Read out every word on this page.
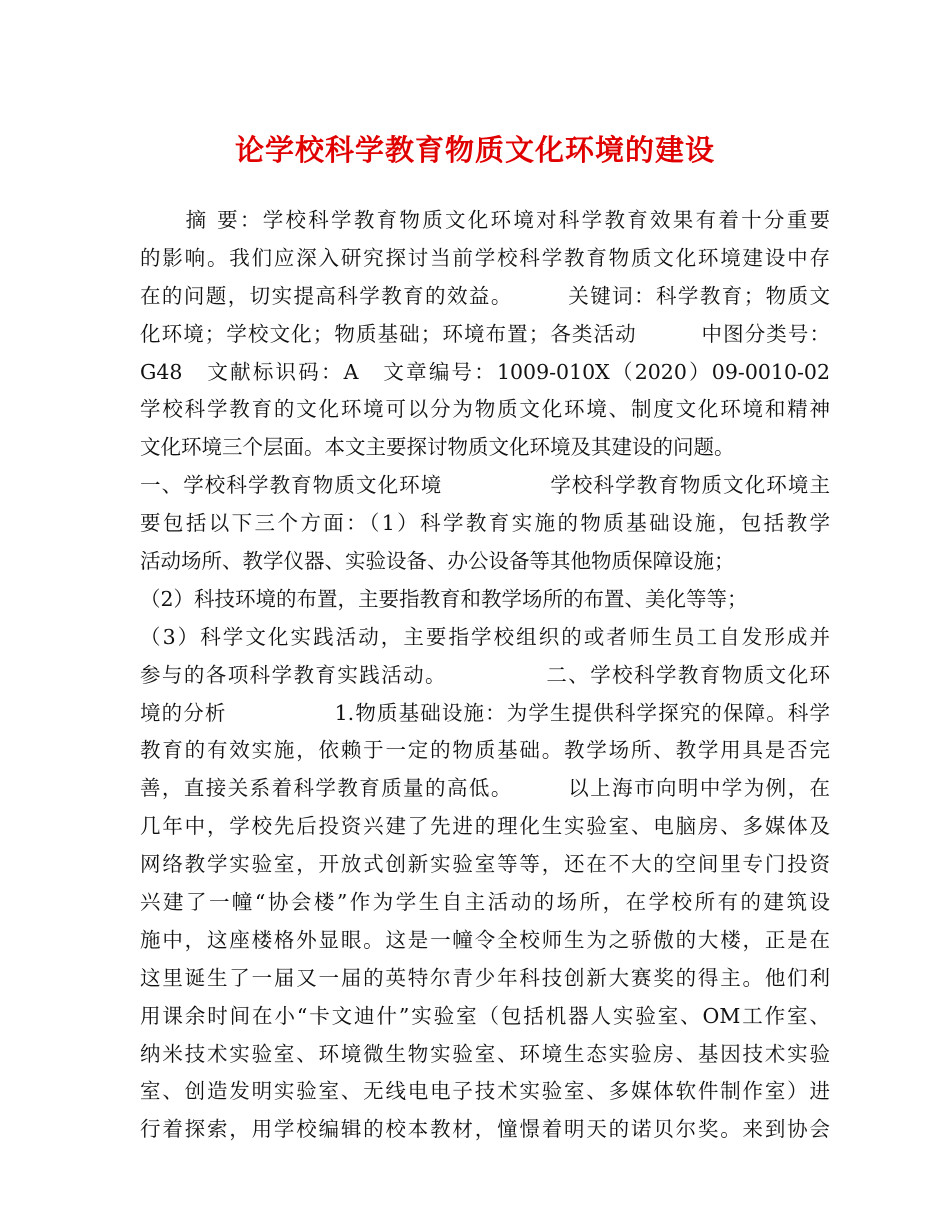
论学校科学教育物质文化环境的建设
　　摘 要：学校科学教育物质文化环境对科学教育效果有着十分重要
的影响。我们应深入研究探讨当前学校科学教育物质文化环境建设中存
在的问题，切实提高科学教育的效益。　　　关键词：科学教育；物质文
化环境；学校文化；物质基础；环境布置；各类活动　　　中图分类号：
G48　文献标识码：A　文章编号：1009-010X（2020）09-0010-02
学校科学教育的文化环境可以分为物质文化环境、制度文化环境和精神
文化环境三个层面。本文主要探讨物质文化环境及其建设的问题。
一、学校科学教育物质文化环境　　　　　学校科学教育物质文化环境主
要包括以下三个方面：（1）科学教育实施的物质基础设施，包括教学
活动场所、教学仪器、实验设备、办公设备等其他物质保障设施；
（2）科技环境的布置，主要指教育和教学场所的布置、美化等等；
（3）科学文化实践活动，主要指学校组织的或者师生员工自发形成并
参与的各项科学教育实践活动。　　　　　二、学校科学教育物质文化环
境的分析　　　　　1.物质基础设施：为学生提供科学探究的保障。科学
教育的有效实施，依赖于一定的物质基础。教学场所、教学用具是否完
善，直接关系着科学教育质量的高低。　　　以上海市向明中学为例，在
几年中，学校先后投资兴建了先进的理化生实验室、电脑房、多媒体及
网络教学实验室，开放式创新实验室等等，还在不大的空间里专门投资
兴建了一幢“协会楼”作为学生自主活动的场所，在学校所有的建筑设
施中，这座楼格外显眼。这是一幢令全校师生为之骄傲的大楼，正是在
这里诞生了一届又一届的英特尔青少年科技创新大赛奖的得主。他们利
用课余时间在小“卡文迪什”实验室（包括机器人实验室、OM工作室、
纳米技术实验室、环境微生物实验室、环境生态实验房、基因技术实验
室、创造发明实验室、无线电电子技术实验室、多媒体软件制作室）进
行着探索，用学校编辑的校本教材，憧憬着明天的诺贝尔奖。来到协会
